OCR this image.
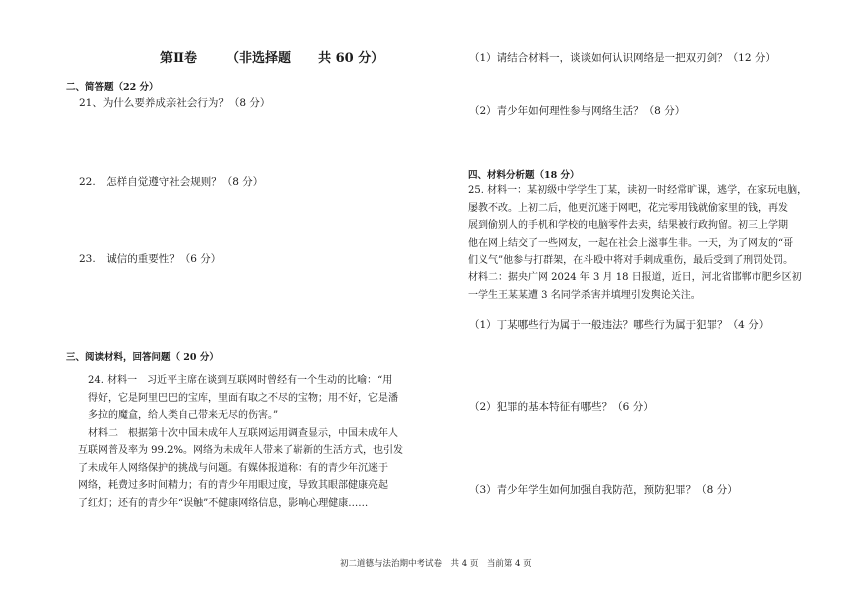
第Ⅱ卷 （非选择题 共 60 分）
二、简答题（22 分）
21、为什么要养成亲社会行为？（8 分）
22.　怎样自觉遵守社会规则？（8 分）
23.　诚信的重要性？（6 分）
三、阅读材料，回答问题（ 20 分）

24. 材料一　习近平主席在谈到互联网时曾经有一个生动的比喻：“用

得好，它是阿里巴巴的宝库，里面有取之不尽的宝物；用不好，它是潘

多拉的魔盒，给人类自己带来无尽的伤害。”

材料二　根据第十次中国未成年人互联网运用调查显示，中国未成年人

互联网普及率为 99.2%。网络为未成年人带来了崭新的生活方式，也引发

了未成年人网络保护的挑战与问题。有媒体报道称：有的青少年沉迷于

网络，耗费过多时间精力；有的青少年用眼过度，导致其眼部健康亮起

了红灯；还有的青少年“误触”不健康网络信息，影响心理健康……

（1）请结合材料一，谈谈如何认识网络是一把双刃剑？（12 分）
（2）青少年如何理性参与网络生活？（8 分）
四、材料分析题（18 分）

25. 材料一：某初级中学学生丁某，读初一时经常旷课，逃学，在家玩电脑，

屡教不改。上初二后，他更沉迷于网吧，花完零用钱就偷家里的钱，再发

展到偷别人的手机和学校的电脑零件去卖，结果被行政拘留。初三上学期

他在网上结交了一些网友，一起在社会上滋事生非。一天，为了网友的“哥

们义气”他参与打群架，在斗殴中将对手刺成重伤，最后受到了刑罚处罚。

材料二：据央广网 2024 年 3 月 18 日报道，近日，河北省邯郸市肥乡区初

一学生王某某遭 3 名同学杀害并填埋引发舆论关注。

（1）丁某哪些行为属于一般违法？哪些行为属于犯罪？（4 分）
（2）犯罪的基本特征有哪些？（6 分）
（3）青少年学生如何加强自我防范，预防犯罪？（8 分）
初二道德与法治期中考试卷　共 4 页　当前第 4 页
